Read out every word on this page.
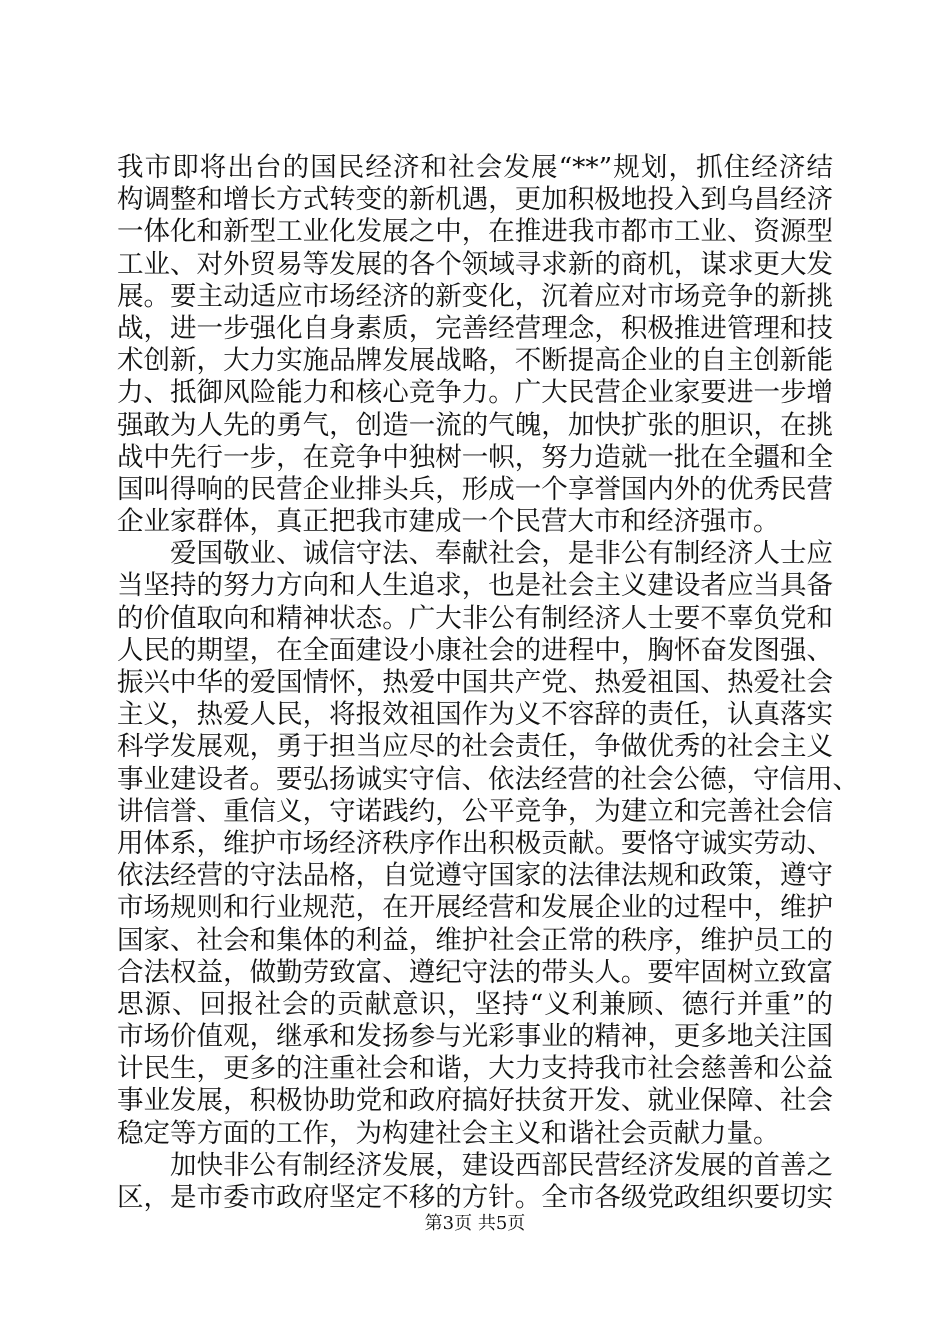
我市即将出台的国民经济和社会发展“**”规划，抓住经济结
构调整和增长方式转变的新机遇，更加积极地投入到乌昌经济
一体化和新型工业化发展之中，在推进我市都市工业、资源型
工业、对外贸易等发展的各个领域寻求新的商机，谋求更大发
展。要主动适应市场经济的新变化，沉着应对市场竞争的新挑
战，进一步强化自身素质，完善经营理念，积极推进管理和技
术创新，大力实施品牌发展战略，不断提高企业的自主创新能
力、抵御风险能力和核心竞争力。广大民营企业家要进一步增
强敢为人先的勇气，创造一流的气魄，加快扩张的胆识，在挑
战中先行一步，在竞争中独树一帜，努力造就一批在全疆和全
国叫得响的民营企业排头兵，形成一个享誉国内外的优秀民营
企业家群体，真正把我市建成一个民营大市和经济强市。
爱国敬业、诚信守法、奉献社会，是非公有制经济人士应
当坚持的努力方向和人生追求，也是社会主义建设者应当具备
的价值取向和精神状态。广大非公有制经济人士要不辜负党和
人民的期望，在全面建设小康社会的进程中，胸怀奋发图强、
振兴中华的爱国情怀，热爱中国共产党、热爱祖国、热爱社会
主义，热爱人民，将报效祖国作为义不容辞的责任，认真落实
科学发展观，勇于担当应尽的社会责任，争做优秀的社会主义
事业建设者。要弘扬诚实守信、依法经营的社会公德，守信用、
讲信誉、重信义，守诺践约，公平竞争，为建立和完善社会信
用体系，维护市场经济秩序作出积极贡献。要恪守诚实劳动、
依法经营的守法品格，自觉遵守国家的法律法规和政策，遵守
市场规则和行业规范，在开展经营和发展企业的过程中，维护
国家、社会和集体的利益，维护社会正常的秩序，维护员工的
合法权益，做勤劳致富、遵纪守法的带头人。要牢固树立致富
思源、回报社会的贡献意识，坚持“义利兼顾、德行并重”的
市场价值观，继承和发扬参与光彩事业的精神，更多地关注国
计民生，更多的注重社会和谐，大力支持我市社会慈善和公益
事业发展，积极协助党和政府搞好扶贫开发、就业保障、社会
稳定等方面的工作，为构建社会主义和谐社会贡献力量。
加快非公有制经济发展，建设西部民营经济发展的首善之
区，是市委市政府坚定不移的方针。全市各级党政组织要切实
第3页 共5页
